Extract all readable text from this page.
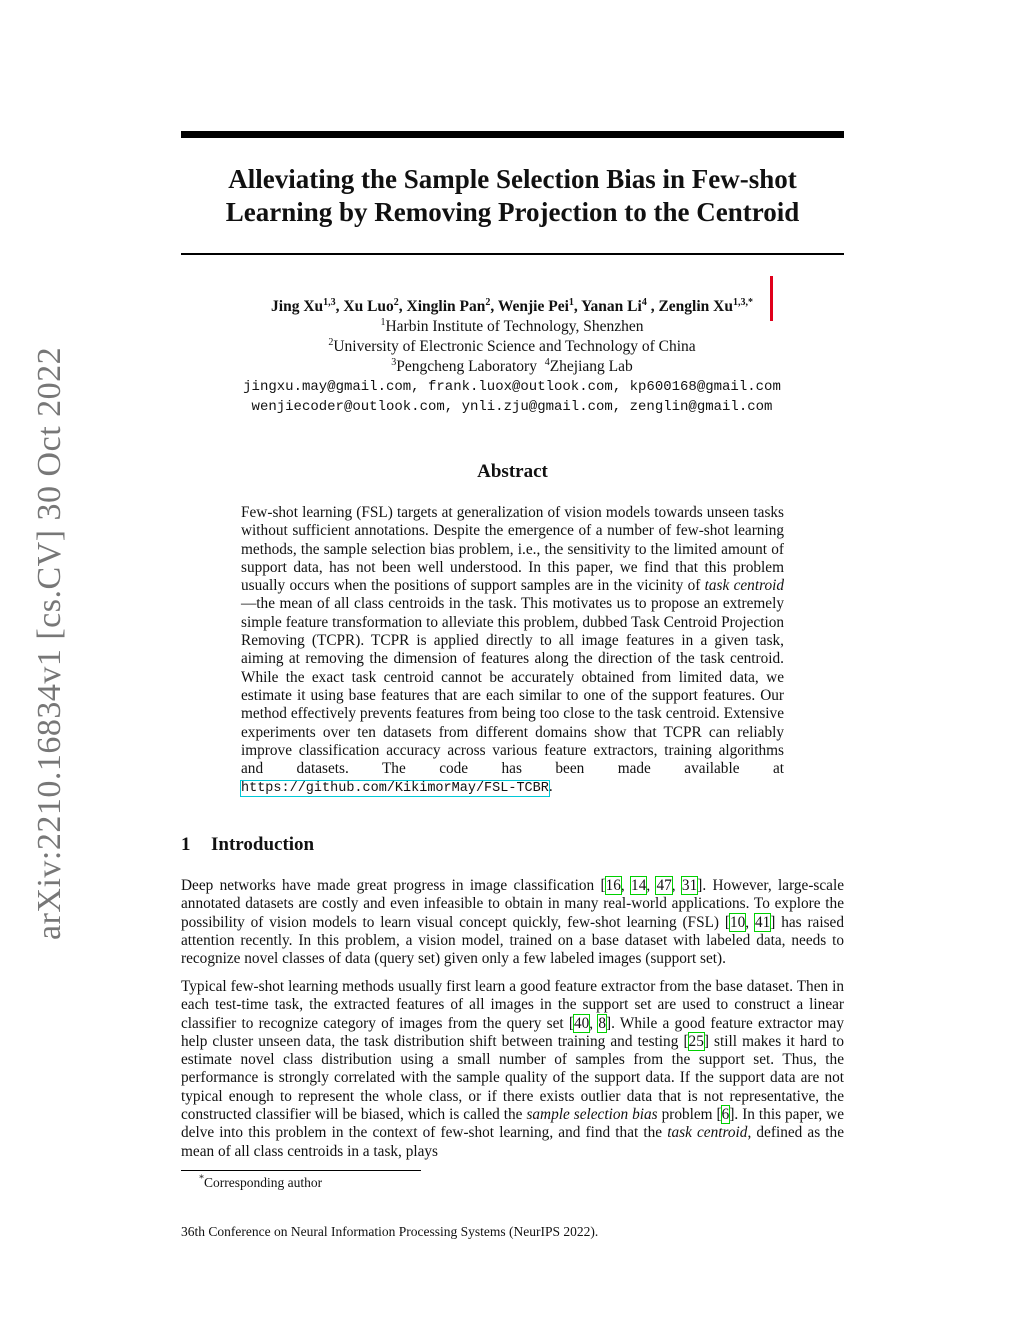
Alleviating the Sample Selection Bias in Few-shot
Learning by Removing Projection to the Centroid
Jing Xu$^{1,3}$, Xu Luo$^2$, Xinglin Pan$^2$, Wenjie Pei$^1$, Yanan Li$^4$ , Zenglin $Xu^{1,3,*}$
$^1$Harbin Institute of Technology, Shenzhen
$^2$University of Electronic Science and Technology of China
$^3$Pengcheng Laboratory $^4$Zhejiang Lab
jingxu.may@gmail.com, frank.luox@outlook.com, kp600168@gmail.com
wenjiecoder@outlook.com, ynli.zju@gmail.com, zenglin@gmail.com
Abstract
Few-shot learning (FSL) targets at generalization of vision models towards unseen tasks without sufficient annotations. Despite the emergence of a number of few-shot learning methods, the sample selection bias problem, i.e., the sensitivity to the limited amount of support data, has not been well understood. In this paper, we find that this problem usually occurs when the positions of support samples are in the vicinity of task centroid—the mean of all class centroids in the task. This motivates us to propose an extremely simple feature transformation to alleviate this problem, dubbed Task Centroid Projection Removing (TCPR). TCPR is applied directly to all image features in a given task, aiming at removing the dimension of features along the direction of the task centroid. While the exact task centroid cannot be accurately obtained from limited data, we estimate it using base features that are each similar to one of the support features. Our method effectively prevents features from being too close to the task centroid. Extensive experiments over ten datasets from different domains show that TCPR can reliably improve classification accuracy across various feature extractors, training algorithms and datasets. The code has been made available at https://github.com/KikimorMay/FSL-TCBR.
1 Introduction
Deep networks have made great progress in image classification [16, 14, 47, 31]. However, large-scale annotated datasets are costly and even infeasible to obtain in many real-world applications. To explore the possibility of vision models to learn visual concept quickly, few-shot learning (FSL) [10, 41] has raised attention recently. In this problem, a vision model, trained on a base dataset with labeled data, needs to recognize novel classes of data (query set) given only a few labeled images (support set).
Typical few-shot learning methods usually first learn a good feature extractor from the base dataset. Then in each test-time task, the extracted features of all images in the support set are used to construct a linear classifier to recognize category of images from the query set [40, 8]. While a good feature extractor may help cluster unseen data, the task distribution shift between training and testing [25] still makes it hard to estimate novel class distribution using a small number of samples from the support set. Thus, the performance is strongly correlated with the sample quality of the support data. If the support data are not typical enough to represent the whole class, or if there exists outlier data that is not representative, the constructed classifier will be biased, which is called the sample selection bias problem [6]. In this paper, we delve into this problem in the context of few-shot learning, and find that the task centroid, defined as the mean of all class centroids in a task, plays
*Corresponding author
36th Conference on Neural Information Processing Systems (NeurIPS 2022).
arXiv:2210.16834v1 [cs.CV] 30 Oct 2022
